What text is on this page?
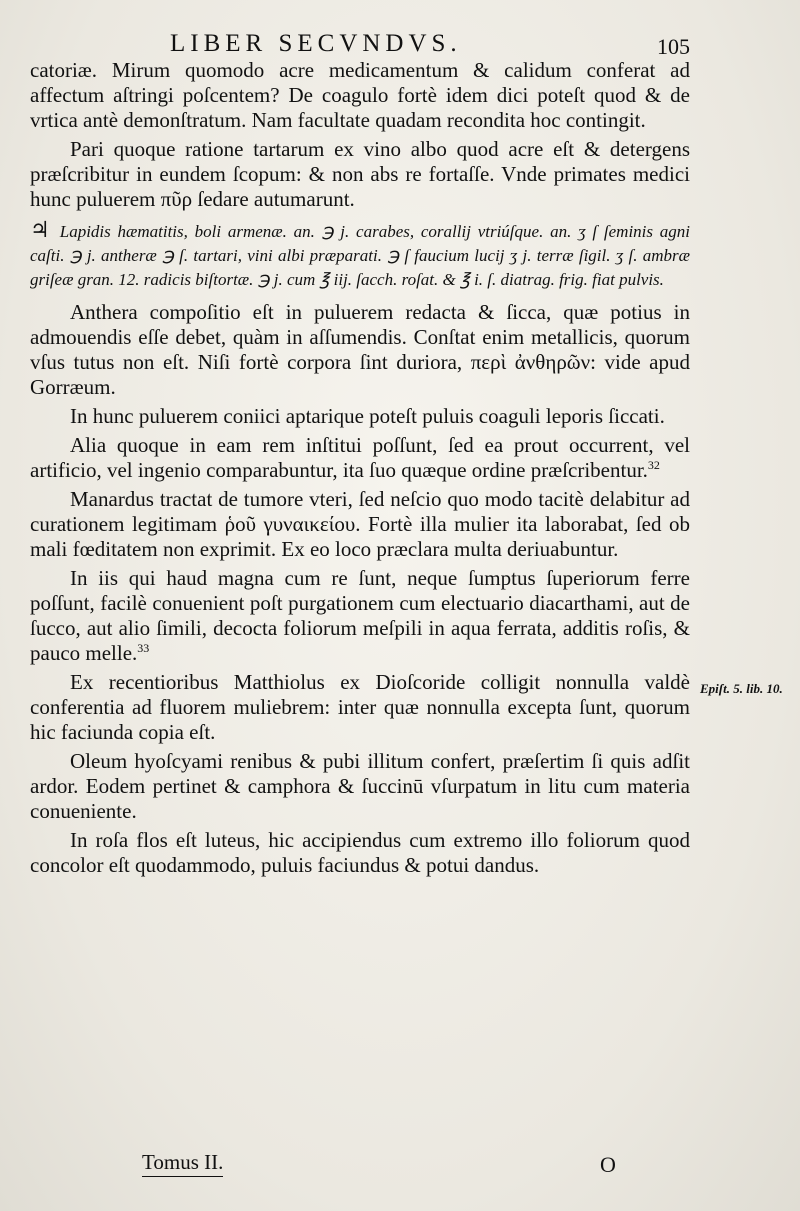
LIBER SECVNDVS.	105

catoriæ. Mirum quomodo acre medicamentum & calidum conferat ad affectum aſtringi poſcentem? De coagulo fortè idem dici poteſt quod & de vrtica antè demonſtratum. Nam facultate quadam recondita hoc contingit.

Pari quoque ratione tartarum ex vino albo quod acre eſt & detergens præſcribitur in eundem ſcopum: & non abs re fortaſſe. Vnde primates medici hunc puluerem πῦρ ſedare autumarunt.

♃ Lapidis hæmatitis, boli armenæ. an. ℈ j. carabes, corallij vtriúſque. an. ʒ ſ ſeminis agni caſti. ℈ j. antheræ ℈ ſ. tartari, vini albi præparati. ℈ ſ faucium lucij ʒ j. terræ ſigil. ʒ ſ. ambræ griſeæ gran. 12. radicis biſtortæ. ℈ j. cum ℥ iij. ſacch. roſat. & ℥ i. ſ. diatrag. frig. fiat pulvis.

Anthera compoſitio eſt in puluerem redacta & ſicca, quæ potius in admouendis eſſe debet, quàm in aſſumendis. Conſtat enim metallicis, quorum vſus tutus non eſt. Niſi fortè corpora ſint duriora, περὶ ἀνθηρῶν: vide apud Gorræum.

In hunc puluerem coniici aptarique poteſt puluis coaguli leporis ſiccati.

Alia quoque in eam rem inſtitui poſſunt, ſed ea prout occurrent, vel artificio, vel ingenio comparabuntur, ita ſuo quæque ordine præſcribentur.$^{32}$

Manardus tractat de tumore vteri, ſed neſcio quo modo tacitè delabitur ad curationem legitimam ῥοῦ γυναικείου. Fortè illa mulier ita laborabat, ſed ob mali fœditatem non exprimit. Ex eo loco præclara multa deriuabuntur.

In iis qui haud magna cum re ſunt, neque ſumptus ſuperiorum ferre poſſunt, facilè conuenient poſt purgationem cum electuario diacarthami, aut de ſucco, aut alio ſimili, decocta foliorum meſpili in aqua ferrata, additis roſis, & pauco melle.$^{33}$

Ex recentioribus Matthiolus ex Dioſcoride colligit nonnulla valdè conferentia ad fluorem muliebrem: inter quæ nonnulla excepta ſunt, quorum hic faciunda copia eſt.

Oleum hyoſcyami renibus & pubi illitum confert, præſertim ſi quis adſit ardor. Eodem pertinet & camphora & ſuccinū vſurpatum in litu cum materia conueniente.

In roſa flos eſt luteus, hic accipiendus cum extremo illo foliorum quod concolor eſt quodammodo, puluis faciundus & potui dandus.

Epiſt. 5. lib. 10.
Tomus II.	O
